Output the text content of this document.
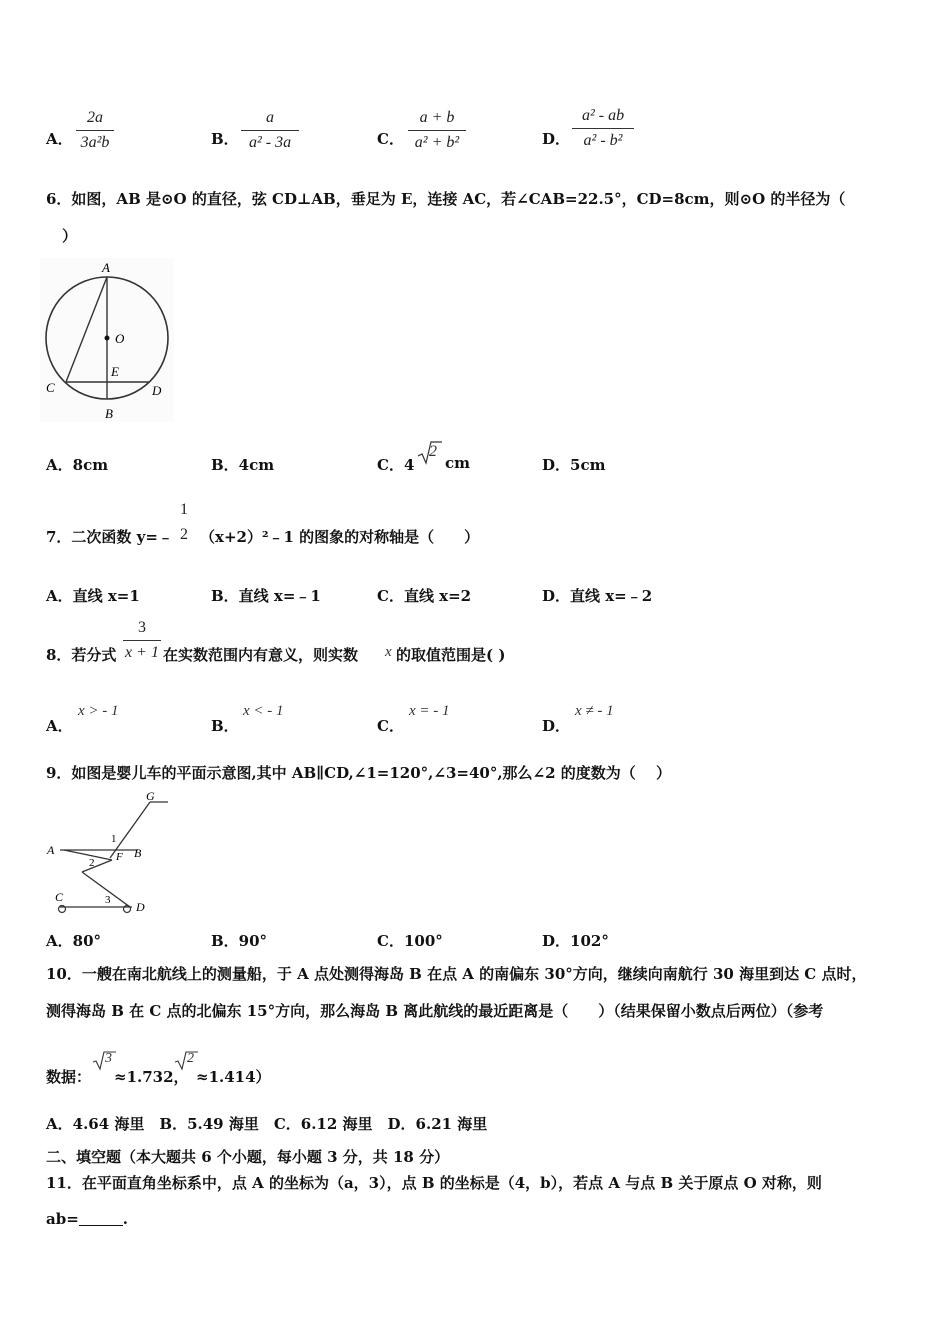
A．
2a
3a²b	B．
a
a² - 3a	C．
a + b
a² + b²	D．
a² - ab
a² - b²
6．如图，AB 是⊙O 的直径，弦 CD⊥AB，垂足为 E，连接 AC，若∠CAB=22.5°，CD=8cm，则⊙O 的半径为（
）
A
O
E
C	D
B
A．8cm	B．4cm	C．4
2
cm	D．5cm
7．二次函数 y=﹣
1
2 （x+2）²﹣1 的图象的对称轴是（　　）
A．直线 x=1	B．直线 x=﹣1	C．直线 x=2	D．直线 x=﹣2
8．若分式
3
x + 1 在实数范围内有意义，则实数 x 的取值范围是( )
A．
x > - 1
B．
x < - 1
C．
x = - 1
D．
x ≠ - 1
9．如图是婴儿车的平面示意图,其中 AB∥CD,∠1=120°,∠3=40°,那么∠2 的度数为（　 ）
G
A	B
F
C
D
1
2
3
A．80°	B．90°	C．100°	D．102°
10．一艘在南北航线上的测量船，于 A 点处测得海岛 B 在点 A 的南偏东 30°方向，继续向南航行 30 海里到达 C 点时，
测得海岛 B 在 C 点的北偏东 15°方向，那么海岛 B 离此航线的最近距离是（　　）（结果保留小数点后两位）（参考
数据：
3
≈1.732，
2
≈1.414）
A．4.64 海里　B．5.49 海里　C．6.12 海里　D．6.21 海里
二、填空题（本大题共 6 个小题，每小题 3 分，共 18 分）
11．在平面直角坐标系中，点 A 的坐标为（a，3），点 B 的坐标是（4，b），若点 A 与点 B 关于原点 O 对称，则
ab=	.
